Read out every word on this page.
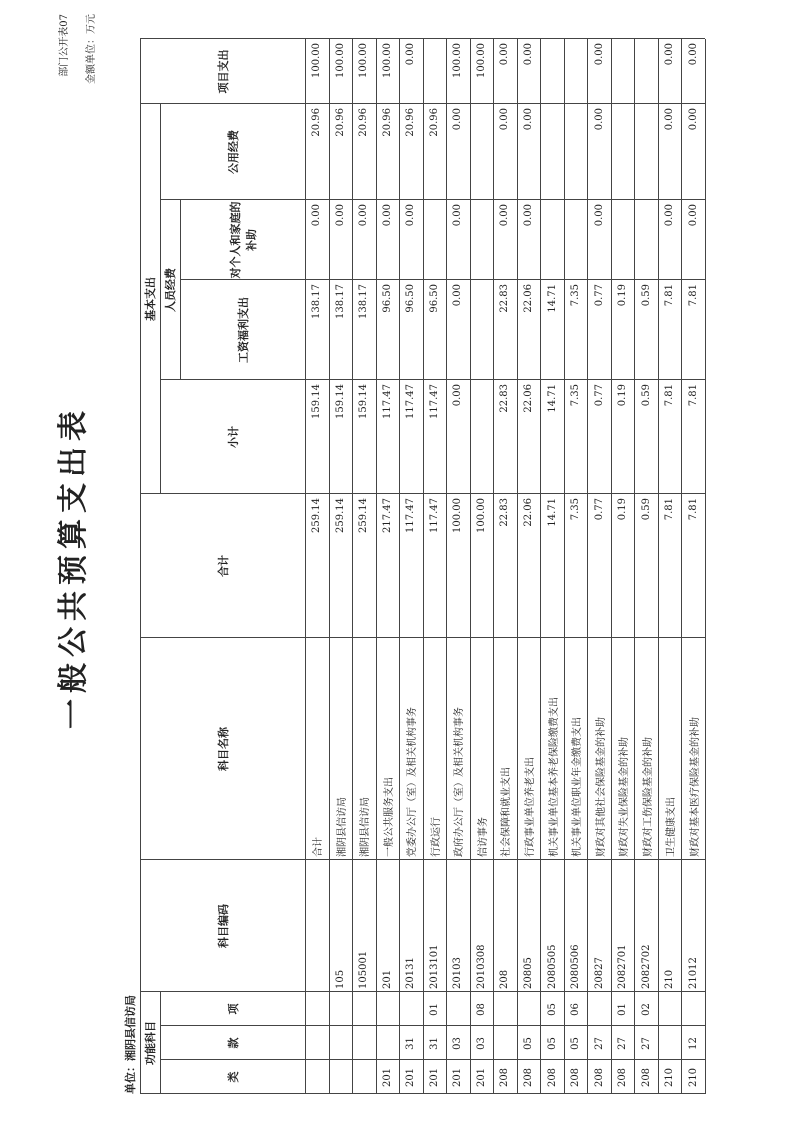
一般公共预算支出表
部门公开表07	金额单位：万元
单位：湘阴县信访局 功能科目
类
款
项
科目编码
科目名称
合计
基本支出
小计
人员经费
工资福利支出
对个人和家庭的补助
公用经费
项目支出
合计
259.14
159.14
138.17
0.00
20.96
100.00
105
湘阴县信访局
259.14
159.14
138.17
0.00
20.96
100.00
105001
湘阴县信访局
259.14
159.14
138.17
0.00
20.96
100.00
201
201
一般公共服务支出
217.47
117.47
96.50
0.00
20.96
100.00
201
31
20131
党委办公厅（室）及相关机构事务
117.47
117.47
96.50
0.00
20.96
0.00
201
31
01
2013101
行政运行
117.47
117.47
96.50
20.96
201
03
20103
政府办公厅（室）及相关机构事务
100.00
0.00
0.00
0.00
0.00
100.00
201
03
08
2010308
信访事务
100.00
100.00
208
208
社会保障和就业支出
22.83
22.83
22.83
0.00
0.00
0.00
208
05
20805
行政事业单位养老支出
22.06
22.06
22.06
0.00
0.00
0.00
208
05
05
2080505
机关事业单位基本养老保险缴费支出
14.71
14.71
14.71
208
05
06
2080506
机关事业单位职业年金缴费支出
7.35
7.35
7.35
208
27
20827
财政对其他社会保险基金的补助
0.77
0.77
0.77
0.00
0.00
0.00
208
27
01
2082701
财政对失业保险基金的补助
0.19
0.19
0.19
208
27
02
2082702
财政对工伤保险基金的补助
0.59
0.59
0.59
210
210
卫生健康支出
7.81
7.81
7.81
0.00
0.00
0.00
210
12
21012
财政对基本医疗保险基金的补助
7.81
7.81
7.81
0.00
0.00
0.00
